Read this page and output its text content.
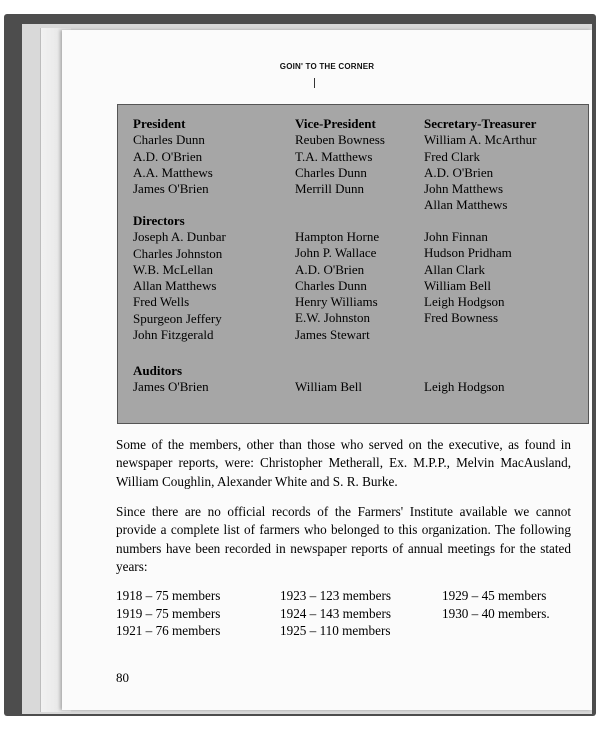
GOIN' TO THE CORNER
President
Charles Dunn
A.D. O'Brien
A.A. Matthews
James O'Brien
Vice-President
Reuben Bowness
T.A. Matthews
Charles Dunn
Merrill Dunn
Secretary-Treasurer
William A. McArthur
Fred Clark
A.D. O'Brien
John Matthews
Allan Matthews
Directors
Joseph A. Dunbar
Charles Johnston
W.B. McLellan
Allan Matthews
Fred Wells
Spurgeon Jeffery
John Fitzgerald
Hampton Horne
John P. Wallace
A.D. O'Brien
Charles Dunn
Henry Williams
E.W. Johnston
James Stewart
John Finnan
Hudson Pridham
Allan Clark
William Bell
Leigh Hodgson
Fred Bowness
Auditors
James O'Brien	William Bell	Leigh Hodgson
Some of the members, other than those who served on the executive, as found in newspaper reports, were: Christopher Metherall, Ex. M.P.P., Melvin MacAusland, William Coughlin, Alexander White and S. R. Burke.
Since there are no official records of the Farmers' Institute available we cannot provide a complete list of farmers who belonged to this organization. The following numbers have been recorded in newspaper reports of annual meetings for the stated years:
1918 – 75 members
1919 – 75 members
1921 – 76 members
1923 – 123 members
1924 – 143 members
1925 – 110 members
1929 – 45 members
1930 – 40 members.
80
